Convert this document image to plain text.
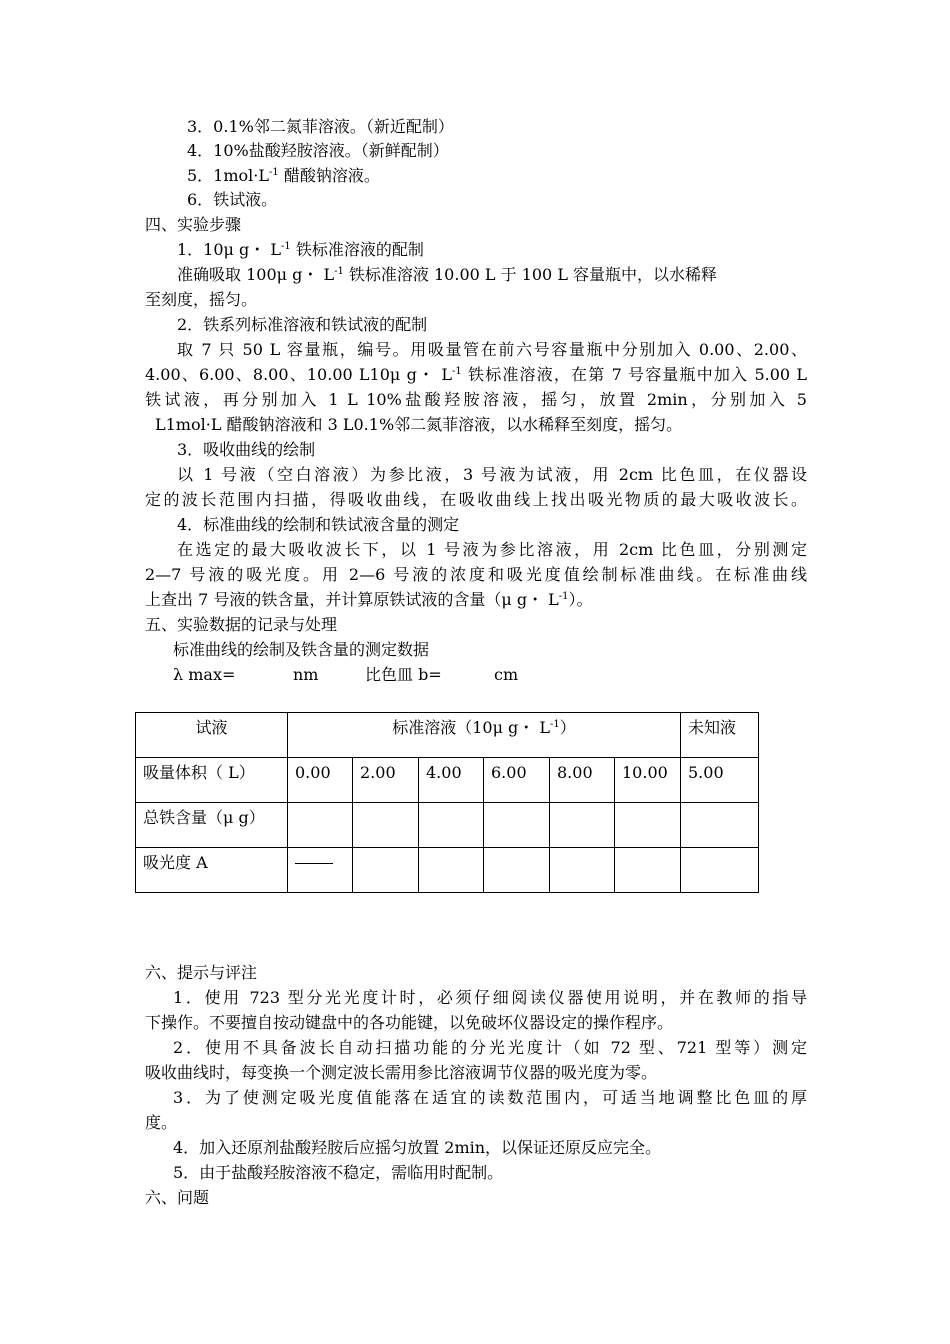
3．0.1%邻二氮菲溶液。（新近配制）
4．10%盐酸羟胺溶液。（新鲜配制）
5．$1mol\cdot L^{-1}$ 醋酸钠溶液。
6．铁试液。
四、实验步骤
1．10μ g・ $L^{-1}$ 铁标准溶液的配制
准确吸取 100μ g・ $L^{-1}$ 铁标准溶液 10.00 L 于 100 L 容量瓶中，以水稀释
至刻度，摇匀。
2．铁系列标准溶液和铁试液的配制
取 7 只 50 L 容量瓶，编号。用吸量管在前六号容量瓶中分别加入 0.00、2.00、
4.00、6.00、8.00、10.00 L10μ g・ $L^{-1}$ 铁标准溶液，在第 7 号容量瓶中加入 5.00 L
铁试液，再分别加入 1 L 10%盐酸羟胺溶液，摇匀，放置 2min，分别加入 5
L1mol·L 醋酸钠溶液和 3 L0.1%邻二氮菲溶液，以水稀释至刻度，摇匀。
3．吸收曲线的绘制
以 1 号液（空白溶液）为参比液，3 号液为试液，用 2cm 比色皿，在仪器设
定的波长范围内扫描，得吸收曲线，在吸收曲线上找出吸光物质的最大吸收波长。
4．标准曲线的绘制和铁试液含量的测定
在选定的最大吸收波长下，以 1 号液为参比溶液，用 2cm 比色皿，分别测定
2—7 号液的吸光度。用 2—6 号液的浓度和吸光度值绘制标准曲线。在标准曲线
上查出 7 号液的铁含量，并计算原铁试液的含量（μ g・ $L^{-1}$）。
五、实验数据的记录与处理
标准曲线的绘制及铁含量的测定数据
λ max=	nm	比色皿 b=	cm
试液	标准溶液（10μ g・ $L^{-1}$）						未知液
吸量体积（ L）	0.00	2.00	4.00	6.00	8.00	10.00	5.00
总铁含量（μ g）							
吸光度 A							
六、提示与评注
1．使用 723 型分光光度计时，必须仔细阅读仪器使用说明，并在教师的指导
下操作。不要擅自按动键盘中的各功能键，以免破坏仪器设定的操作程序。
2．使用不具备波长自动扫描功能的分光光度计（如 72 型、721 型等）测定
吸收曲线时，每变换一个测定波长需用参比溶液调节仪器的吸光度为零。
3．为了使测定吸光度值能落在适宜的读数范围内，可适当地调整比色皿的厚
度。
4．加入还原剂盐酸羟胺后应摇匀放置 2min，以保证还原反应完全。
5．由于盐酸羟胺溶液不稳定，需临用时配制。
六、问题
